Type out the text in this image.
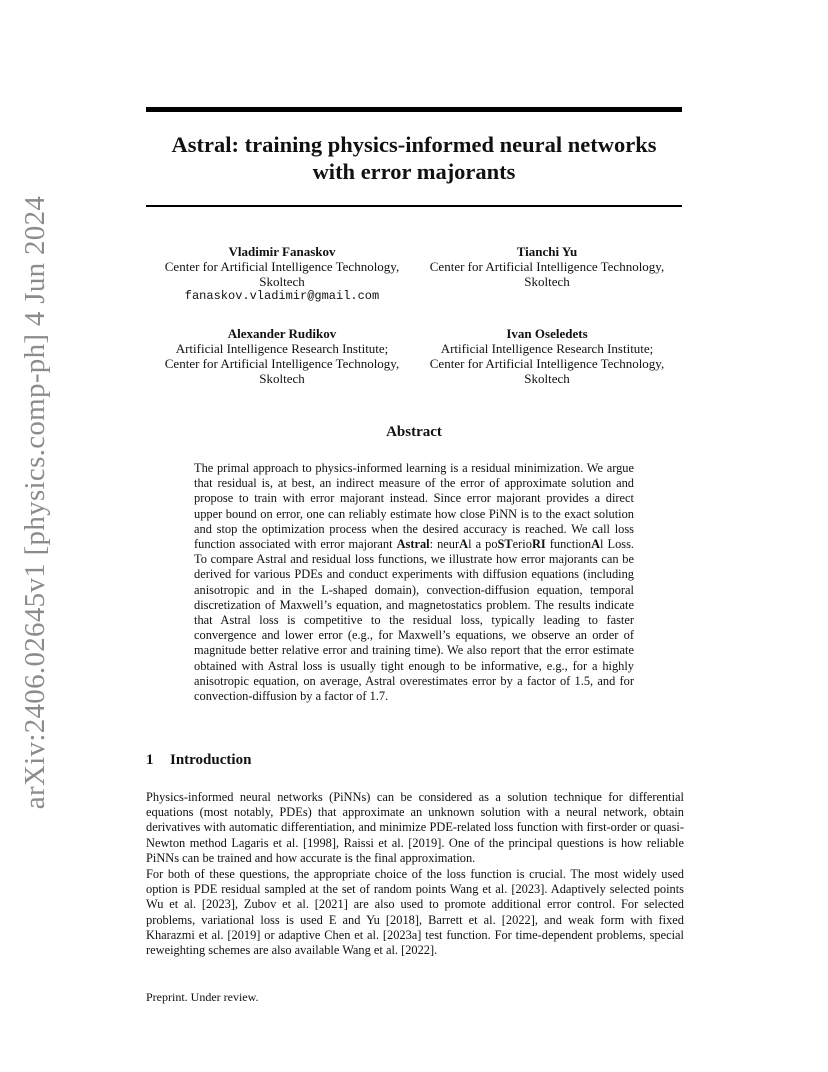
arXiv:2406.02645v1 [physics.comp-ph] 4 Jun 2024
Astral: training physics-informed neural networks
with error majorants
Vladimir Fanaskov
Center for Artificial Intelligence Technology,
Skoltech
fanaskov.vladimir@gmail.com
Tianchi Yu
Center for Artificial Intelligence Technology,
Skoltech
Alexander Rudikov
Artificial Intelligence Research Institute;
Center for Artificial Intelligence Technology,
Skoltech
Ivan Oseledets
Artificial Intelligence Research Institute;
Center for Artificial Intelligence Technology,
Skoltech
Abstract
The primal approach to physics-informed learning is a residual minimization. We argue that residual is, at best, an indirect measure of the error of approximate solution and propose to train with error majorant instead. Since error majorant provides a direct upper bound on error, one can reliably estimate how close PiNN is to the exact solution and stop the optimization process when the desired accuracy is reached. We call loss function associated with error majorant Astral: neurAl a poSTerioRI functionAl Loss. To compare Astral and residual loss functions, we illustrate how error majorants can be derived for various PDEs and conduct experiments with diffusion equations (including anisotropic and in the L-shaped domain), convection-diffusion equation, temporal discretization of Maxwell’s equation, and magnetostatics problem. The results indicate that Astral loss is competitive to the residual loss, typically leading to faster convergence and lower error (e.g., for Maxwell’s equations, we observe an order of magnitude better relative error and training time). We also report that the error estimate obtained with Astral loss is usually tight enough to be informative, e.g., for a highly anisotropic equation, on average, Astral overestimates error by a factor of 1.5, and for convection-diffusion by a factor of 1.7.
1 Introduction
Physics-informed neural networks (PiNNs) can be considered as a solution technique for differential equations (most notably, PDEs) that approximate an unknown solution with a neural network, obtain derivatives with automatic differentiation, and minimize PDE-related loss function with first-order or quasi-Newton method Lagaris et al. [1998], Raissi et al. [2019]. One of the principal questions is how reliable PiNNs can be trained and how accurate is the final approximation.
For both of these questions, the appropriate choice of the loss function is crucial. The most widely used option is PDE residual sampled at the set of random points Wang et al. [2023]. Adaptively selected points Wu et al. [2023], Zubov et al. [2021] are also used to promote additional error control. For selected problems, variational loss is used E and Yu [2018], Barrett et al. [2022], and weak form with fixed Kharazmi et al. [2019] or adaptive Chen et al. [2023a] test function. For time-dependent problems, special reweighting schemes are also available Wang et al. [2022].
Preprint. Under review.
